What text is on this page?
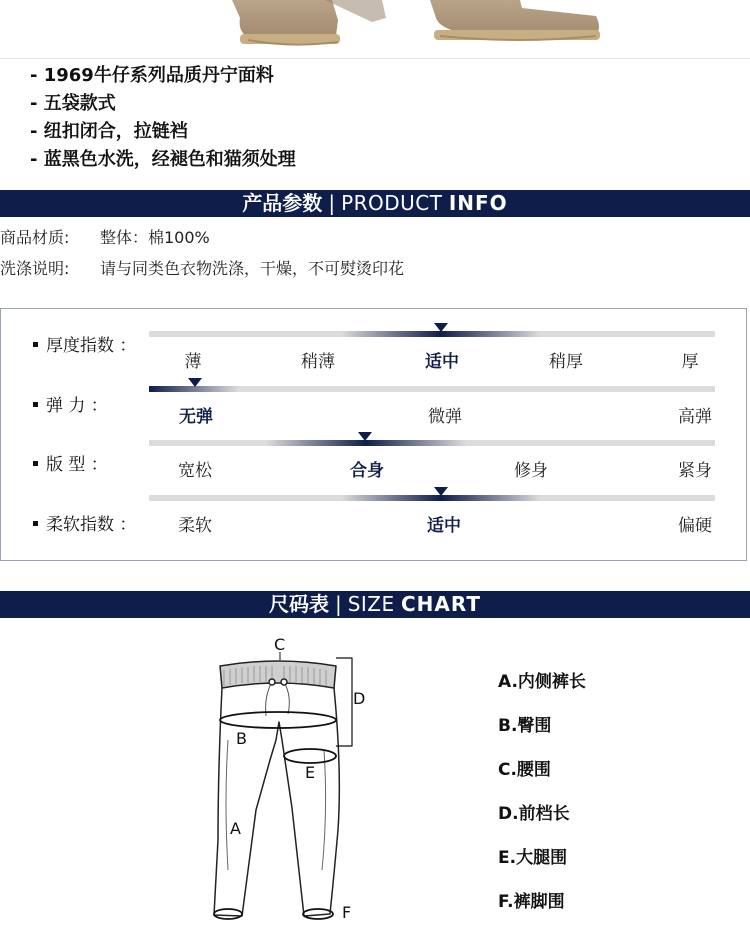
- 1969牛仔系列品质丹宁面料
- 五袋款式
- 纽扣闭合，拉链裆
- 蓝黑色水洗，经褪色和猫须处理
产品参数 | PRODUCT INFO
商品材质: 整体：棉100%
洗涤说明: 请与同类色衣物洗涤，干燥，不可熨烫印花
厚度指数 ：
薄	稍薄	适中	稍厚	厚
弹 力 ：
无弹	微弹	高弹
版 型 ：	宽松	合身	修身	紧身
柔软指数 ： 柔软	适中	偏硬
尺码表 | SIZE CHART
C
D
B
E
A
F
A.内侧裤长
B.臀围
C.腰围
D.前档长
E.大腿围
F.裤脚围
